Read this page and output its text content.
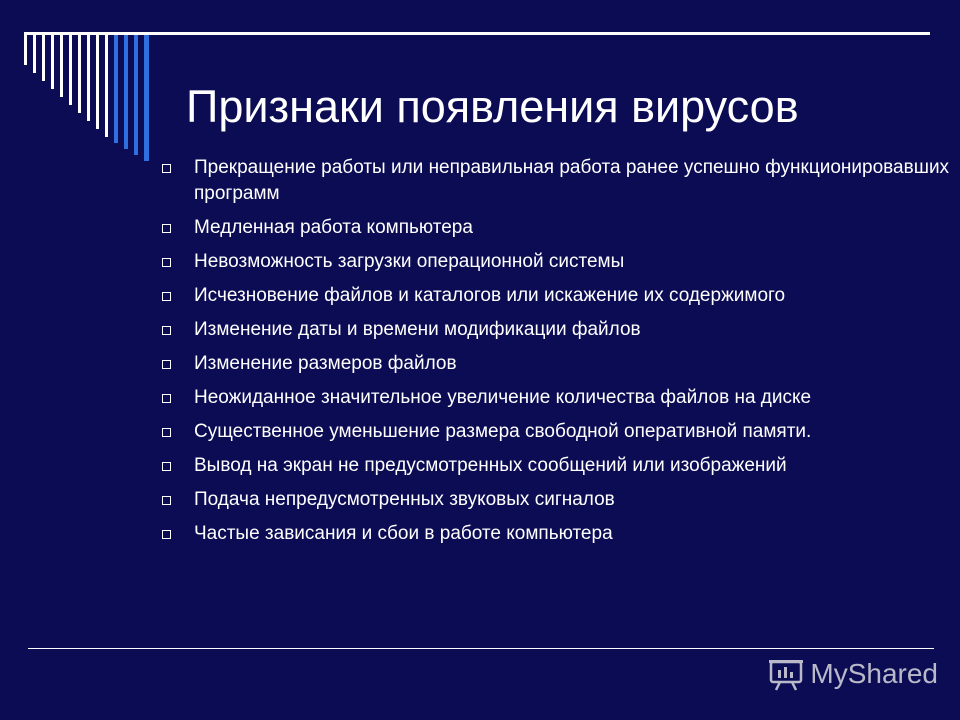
Признаки появления вирусов
Прекращение работы или неправильная работа ранее успешно функционировавших программ
Медленная работа компьютера
Невозможность загрузки операционной системы
Исчезновение файлов и каталогов или искажение их содержимого
Изменение даты и времени модификации файлов
Изменение размеров файлов
Неожиданное значительное увеличение количества файлов на диске
Существенное уменьшение размера свободной оперативной памяти.
Вывод на экран не предусмотренных сообщений или изображений
Подача непредусмотренных звуковых сигналов
Частые зависания и сбои в работе компьютера
MyShared
